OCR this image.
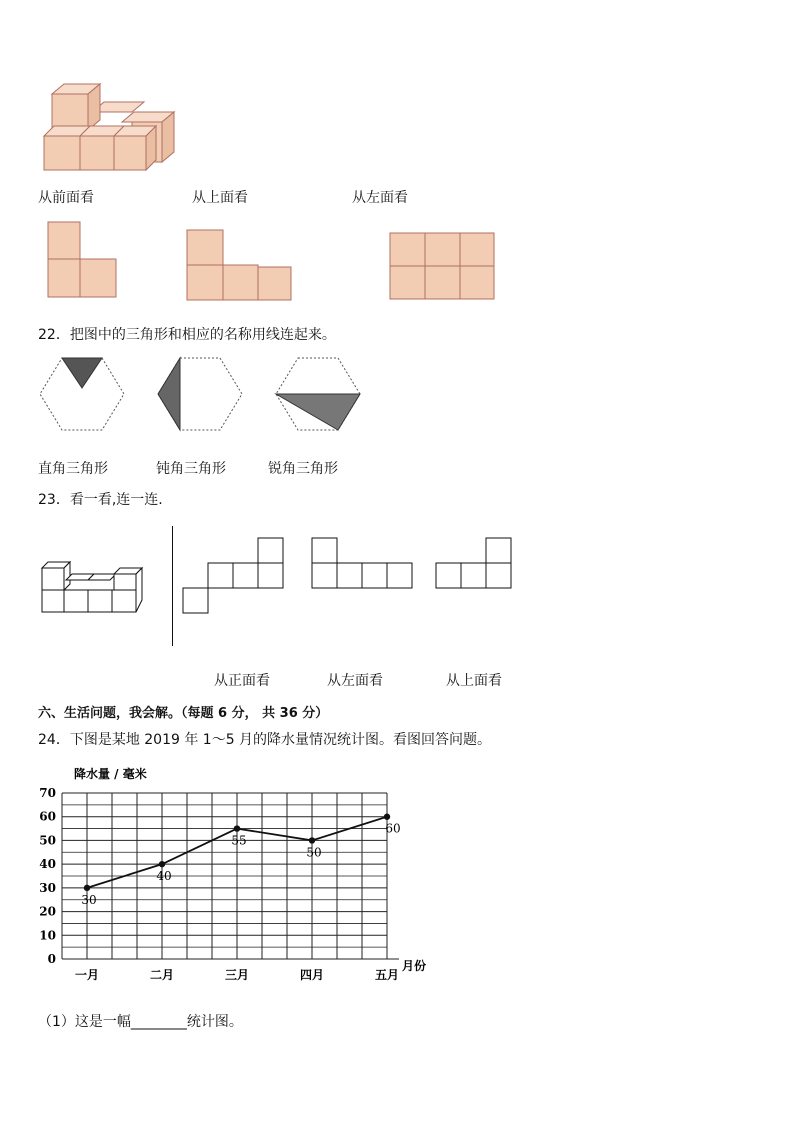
从前面看	从上面看	从左面看
22．把图中的三角形和相应的名称用线连起来。
直角三角形	钝角三角形	锐角三角形
23．看一看,连一连.
从正面看	从左面看	从上面看
六、生活问题，我会解。（每题 6 分， 共 36 分）
24．下图是某地 2019 年 1～5 月的降水量情况统计图。看图回答问题。
降水量 / 毫米
月份
0
10
20
30
40
50
60
70
一月	二月	三月	四月	五月
30
40
55
50
60
（1）这是一幅________统计图。
